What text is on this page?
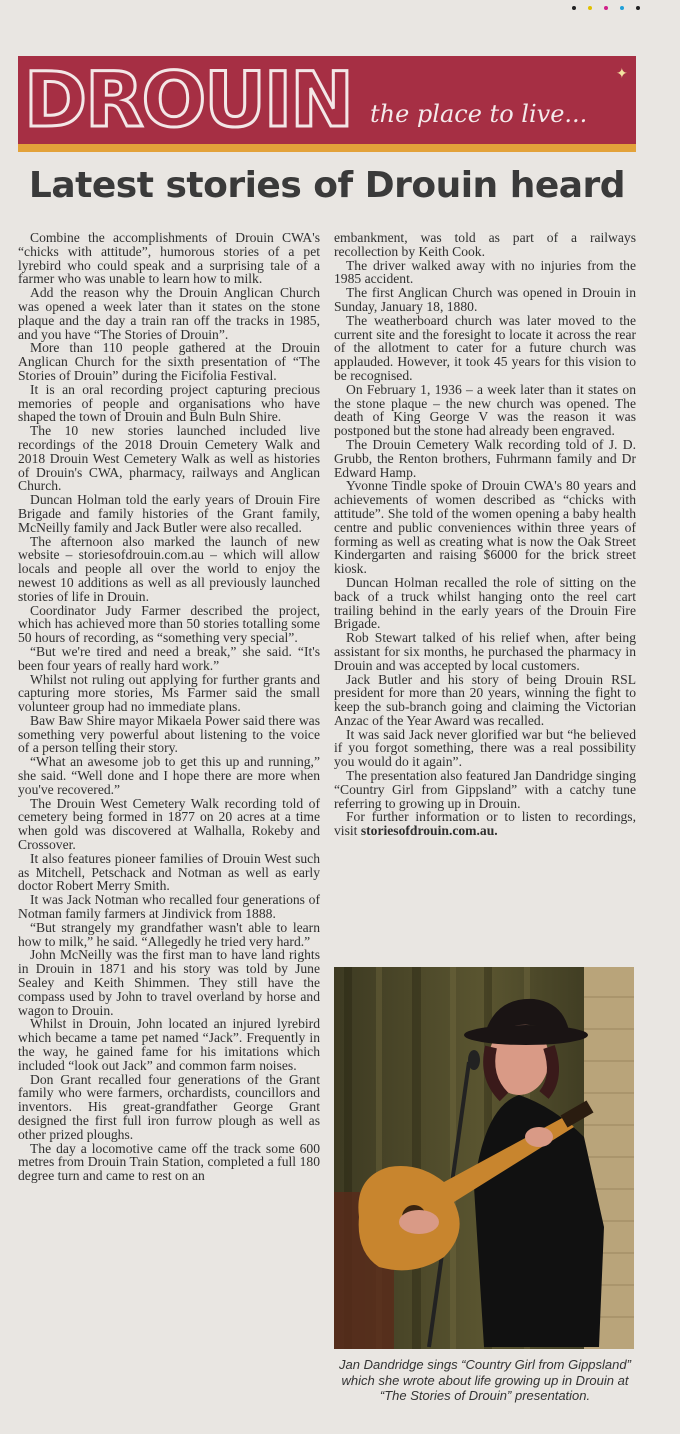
DROUIN the place to live...
✦
Latest stories of Drouin heard

Combine the accomplishments of Drouin CWA's “chicks with attitude”, humorous stories of a pet lyrebird who could speak and a surprising tale of a farmer who was unable to learn how to milk.

Add the reason why the Drouin Anglican Church was opened a week later than it states on the stone plaque and the day a train ran off the tracks in 1985, and you have “The Stories of Drouin”.

More than 110 people gathered at the Drouin Anglican Church for the sixth presentation of “The Stories of Drouin” during the Ficifolia Festival.

It is an oral recording project capturing precious memories of people and organisations who have shaped the town of Drouin and Buln Buln Shire.

The 10 new stories launched included live recordings of the 2018 Drouin Cemetery Walk and 2018 Drouin West Cemetery Walk as well as histories of Drouin's CWA, pharmacy, railways and Anglican Church.

Duncan Holman told the early years of Drouin Fire Brigade and family histories of the Grant family, McNeilly family and Jack Butler were also recalled.

The afternoon also marked the launch of new website – storiesofdrouin.com.au – which will allow locals and people all over the world to enjoy the newest 10 additions as well as all previously launched stories of life in Drouin.

Coordinator Judy Farmer described the project, which has achieved more than 50 stories totalling some 50 hours of recording, as “something very special”.

“But we're tired and need a break,” she said. “It's been four years of really hard work.”

Whilst not ruling out applying for further grants and capturing more stories, Ms Farmer said the small volunteer group had no immediate plans.

Baw Baw Shire mayor Mikaela Power said there was something very powerful about listening to the voice of a person telling their story.

“What an awesome job to get this up and running,” she said. “Well done and I hope there are more when you've recovered.”

The Drouin West Cemetery Walk recording told of cemetery being formed in 1877 on 20 acres at a time when gold was discovered at Walhalla, Rokeby and Crossover.

It also features pioneer families of Drouin West such as Mitchell, Petschack and Notman as well as early doctor Robert Merry Smith.

It was Jack Notman who recalled four generations of Notman family farmers at Jindivick from 1888.

“But strangely my grandfather wasn't able to learn how to milk,” he said. “Allegedly he tried very hard.”

John McNeilly was the first man to have land rights in Drouin in 1871 and his story was told by June Sealey and Keith Shimmen. They still have the compass used by John to travel overland by horse and wagon to Drouin.

Whilst in Drouin, John located an injured lyrebird which became a tame pet named “Jack”. Frequently in the way, he gained fame for his imitations which included “look out Jack” and common farm noises.

Don Grant recalled four generations of the Grant family who were farmers, orchardists, councillors and inventors. His great-grandfather George Grant designed the first full iron furrow plough as well as other prized ploughs.

The day a locomotive came off the track some 600 metres from Drouin Train Station, completed a full 180 degree turn and came to rest on an

embankment, was told as part of a railways recollection by Keith Cook.

The driver walked away with no injuries from the 1985 accident.

The first Anglican Church was opened in Drouin in Sunday, January 18, 1880.

The weatherboard church was later moved to the current site and the foresight to locate it across the rear of the allotment to cater for a future church was applauded. However, it took 45 years for this vision to be recognised.

On February 1, 1936 – a week later than it states on the stone plaque – the new church was opened. The death of King George V was the reason it was postponed but the stone had already been engraved.

The Drouin Cemetery Walk recording told of J. D. Grubb, the Renton brothers, Fuhrmann family and Dr Edward Hamp.

Yvonne Tindle spoke of Drouin CWA's 80 years and achievements of women described as “chicks with attitude”. She told of the women opening a baby health centre and public conveniences within three years of forming as well as creating what is now the Oak Street Kindergarten and raising $6000 for the brick street kiosk.

Duncan Holman recalled the role of sitting on the back of a truck whilst hanging onto the reel cart trailing behind in the early years of the Drouin Fire Brigade.

Rob Stewart talked of his relief when, after being assistant for six months, he purchased the pharmacy in Drouin and was accepted by local customers.

Jack Butler and his story of being Drouin RSL president for more than 20 years, winning the fight to keep the sub-branch going and claiming the Victorian Anzac of the Year Award was recalled.

It was said Jack never glorified war but “he believed if you forgot something, there was a real possibility you would do it again”.

The presentation also featured Jan Dandridge singing “Country Girl from Gippsland” with a catchy tune referring to growing up in Drouin.

For further information or to listen to recordings, visit storiesofdrouin.com.au.

Jan Dandridge sings “Country Girl from Gippsland” which she wrote about life growing up in Drouin at “The Stories of Drouin” presentation.
